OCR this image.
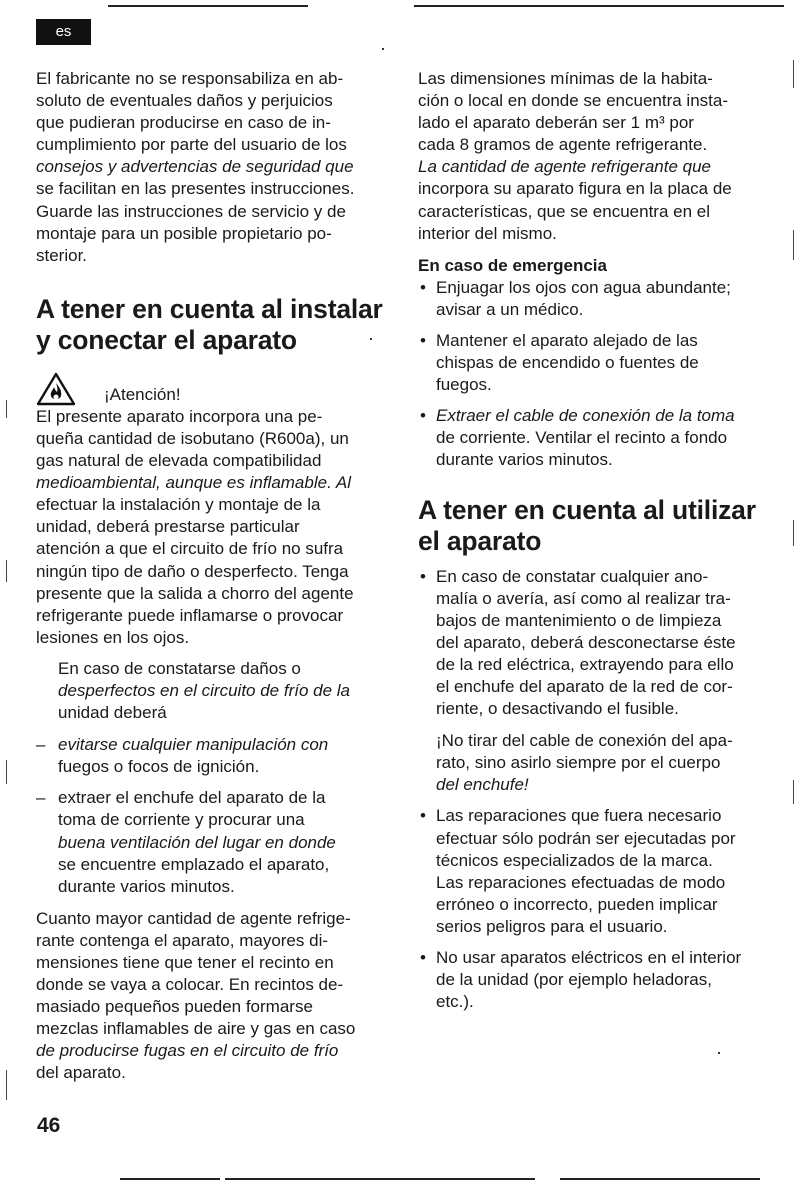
es

El fabricante no se responsabiliza en ab-
soluto de eventuales daños y perjuicios
que pudieran producirse en caso de in-
cumplimiento por parte del usuario de los
consejos y advertencias de seguridad que
se facilitan en las presentes instrucciones.
Guarde las instrucciones de servicio y de
montaje para un posible propietario po-
sterior.

A tener en cuenta al instalar
y conectar el aparato
¡Atención!

El presente aparato incorpora una pe-
queña cantidad de isobutano (R600a), un
gas natural de elevada compatibilidad
medioambiental, aunque es inflamable. Al
efectuar la instalación y montaje de la
unidad, deberá prestarse particular
atención a que el circuito de frío no sufra
ningún tipo de daño o desperfecto. Tenga
presente que la salida a chorro del agente
refrigerante puede inflamarse o provocar
lesiones en los ojos.

En caso de constatarse daños o
desperfectos en el circuito de frío de la
unidad deberá

– evitarse cualquier manipulación con
fuegos o focos de ignición.
– extraer el enchufe del aparato de la
toma de corriente y procurar una
buena ventilación del lugar en donde
se encuentre emplazado el aparato,
durante varios minutos.

Cuanto mayor cantidad de agente refrige-
rante contenga el aparato, mayores di-
mensiones tiene que tener el recinto en
donde se vaya a colocar. En recintos de-
masiado pequeños pueden formarse
mezclas inflamables de aire y gas en caso
de producirse fugas en el circuito de frío
del aparato.

Las dimensiones mínimas de la habita-
ción o local en donde se encuentra insta-
lado el aparato deberán ser 1 m³ por
cada 8 gramos de agente refrigerante.
La cantidad de agente refrigerante que
incorpora su aparato figura en la placa de
características, que se encuentra en el
interior del mismo.

En caso de emergencia
• Enjuagar los ojos con agua abundante;
avisar a un médico.
• Mantener el aparato alejado de las
chispas de encendido o fuentes de
fuegos.
• Extraer el cable de conexión de la toma
de corriente. Ventilar el recinto a fondo
durante varios minutos.
A tener en cuenta al utilizar
el aparato
• En caso de constatar cualquier ano-
malía o avería, así como al realizar tra-
bajos de mantenimiento o de limpieza
del aparato, deberá desconectarse éste
de la red eléctrica, extrayendo para ello
el enchufe del aparato de la red de cor-
riente, o desactivando el fusible.

¡No tirar del cable de conexión del apa-
rato, sino asirlo siempre por el cuerpo
del enchufe!

• Las reparaciones que fuera necesario
efectuar sólo podrán ser ejecutadas por
técnicos especializados de la marca.
Las reparaciones efectuadas de modo
erróneo o incorrecto, pueden implicar
serios peligros para el usuario.
• No usar aparatos eléctricos en el interior
de la unidad (por ejemplo heladoras,
etc.).
46
